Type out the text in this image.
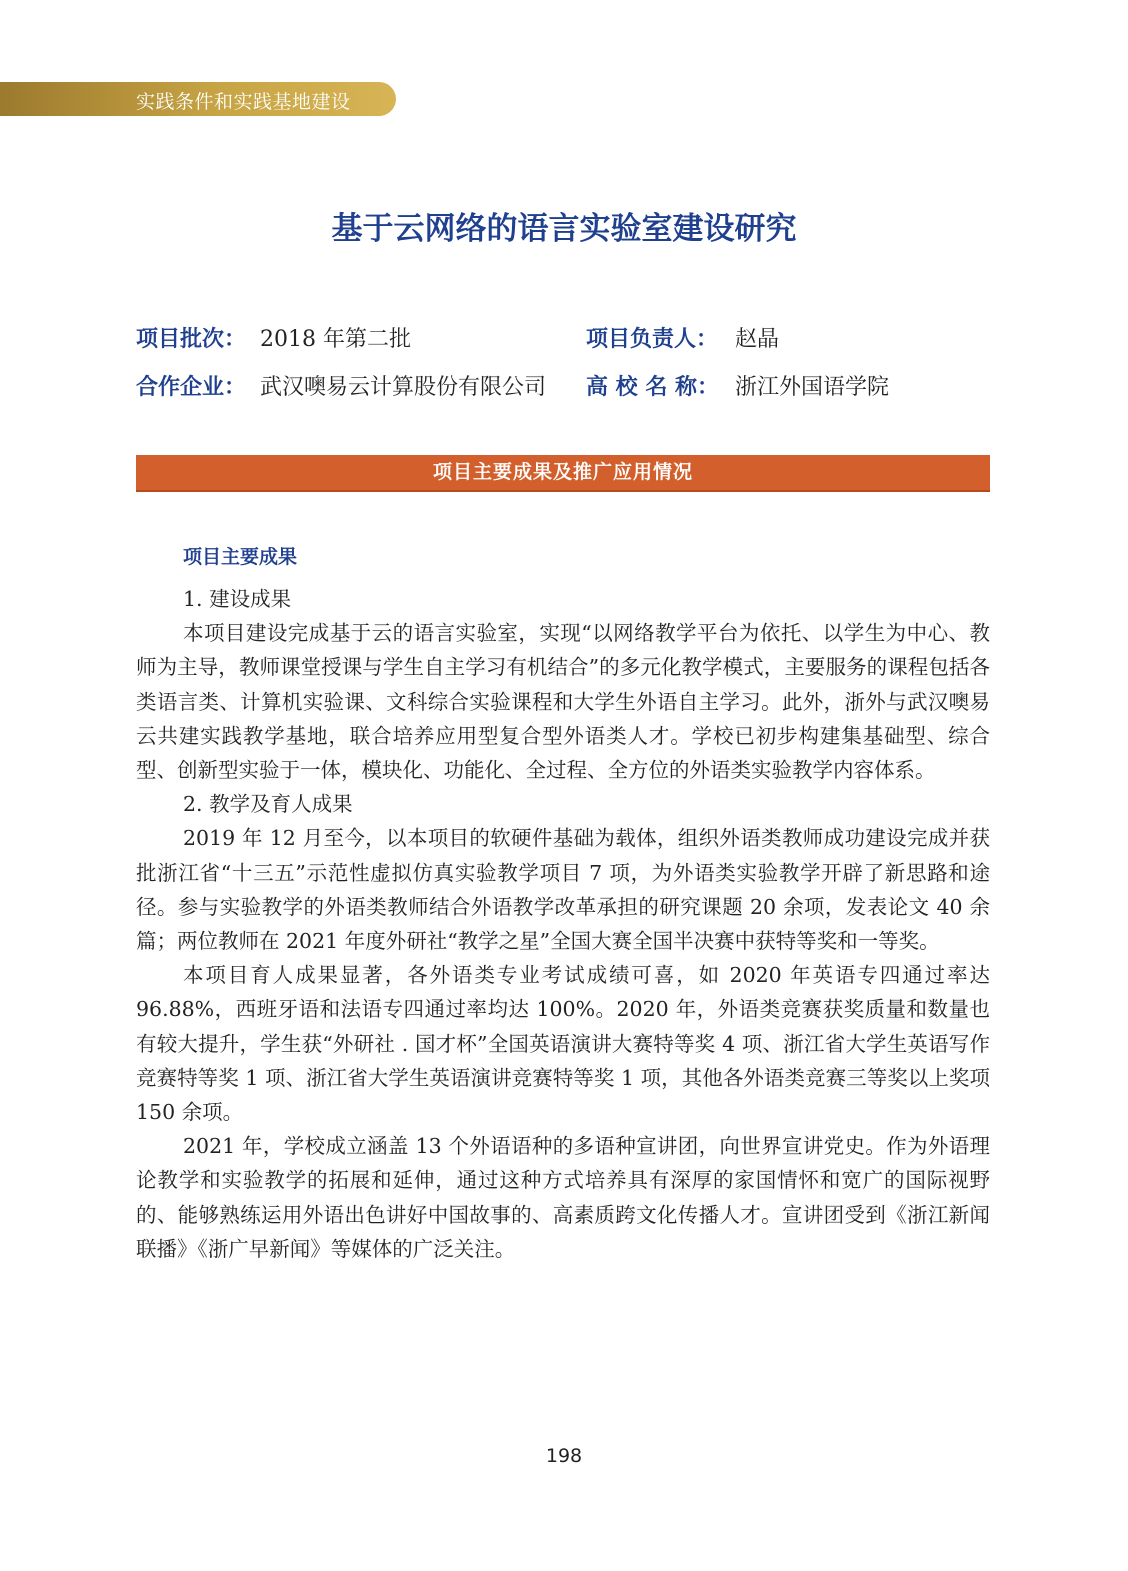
实践条件和实践基地建设
基于云网络的语言实验室建设研究
项目批次： 2018 年第二批	项目负责人： 赵晶
合作企业： 武汉噢易云计算股份有限公司	高 校 名 称： 浙江外国语学院
项目主要成果及推广应用情况
项目主要成果

1. 建设成果

本项目建设完成基于云的语言实验室，实现“以网络教学平台为依托、以学生为中心、教师为主导，教师课堂授课与学生自主学习有机结合”的多元化教学模式，主要服务的课程包括各类语言类、计算机实验课、文科综合实验课程和大学生外语自主学习。此外，浙外与武汉噢易云共建实践教学基地，联合培养应用型复合型外语类人才。学校已初步构建集基础型、综合型、创新型实验于一体，模块化、功能化、全过程、全方位的外语类实验教学内容体系。

2. 教学及育人成果

2019 年 12 月至今，以本项目的软硬件基础为载体，组织外语类教师成功建设完成并获批浙江省“十三五”示范性虚拟仿真实验教学项目 7 项，为外语类实验教学开辟了新思路和途径。参与实验教学的外语类教师结合外语教学改革承担的研究课题 20 余项，发表论文 40 余篇；两位教师在 2021 年度外研社“教学之星”全国大赛全国半决赛中获特等奖和一等奖。

本项目育人成果显著，各外语类专业考试成绩可喜，如 2020 年英语专四通过率达 96.88%，西班牙语和法语专四通过率均达 100%。2020 年，外语类竞赛获奖质量和数量也有较大提升，学生获“外研社 . 国才杯”全国英语演讲大赛特等奖 4 项、浙江省大学生英语写作竞赛特等奖 1 项、浙江省大学生英语演讲竞赛特等奖 1 项，其他各外语类竞赛三等奖以上奖项 150 余项。

2021 年，学校成立涵盖 13 个外语语种的多语种宣讲团，向世界宣讲党史。作为外语理论教学和实验教学的拓展和延伸，通过这种方式培养具有深厚的家国情怀和宽广的国际视野的、能够熟练运用外语出色讲好中国故事的、高素质跨文化传播人才。宣讲团受到《浙江新闻联播》《浙广早新闻》等媒体的广泛关注。

198
